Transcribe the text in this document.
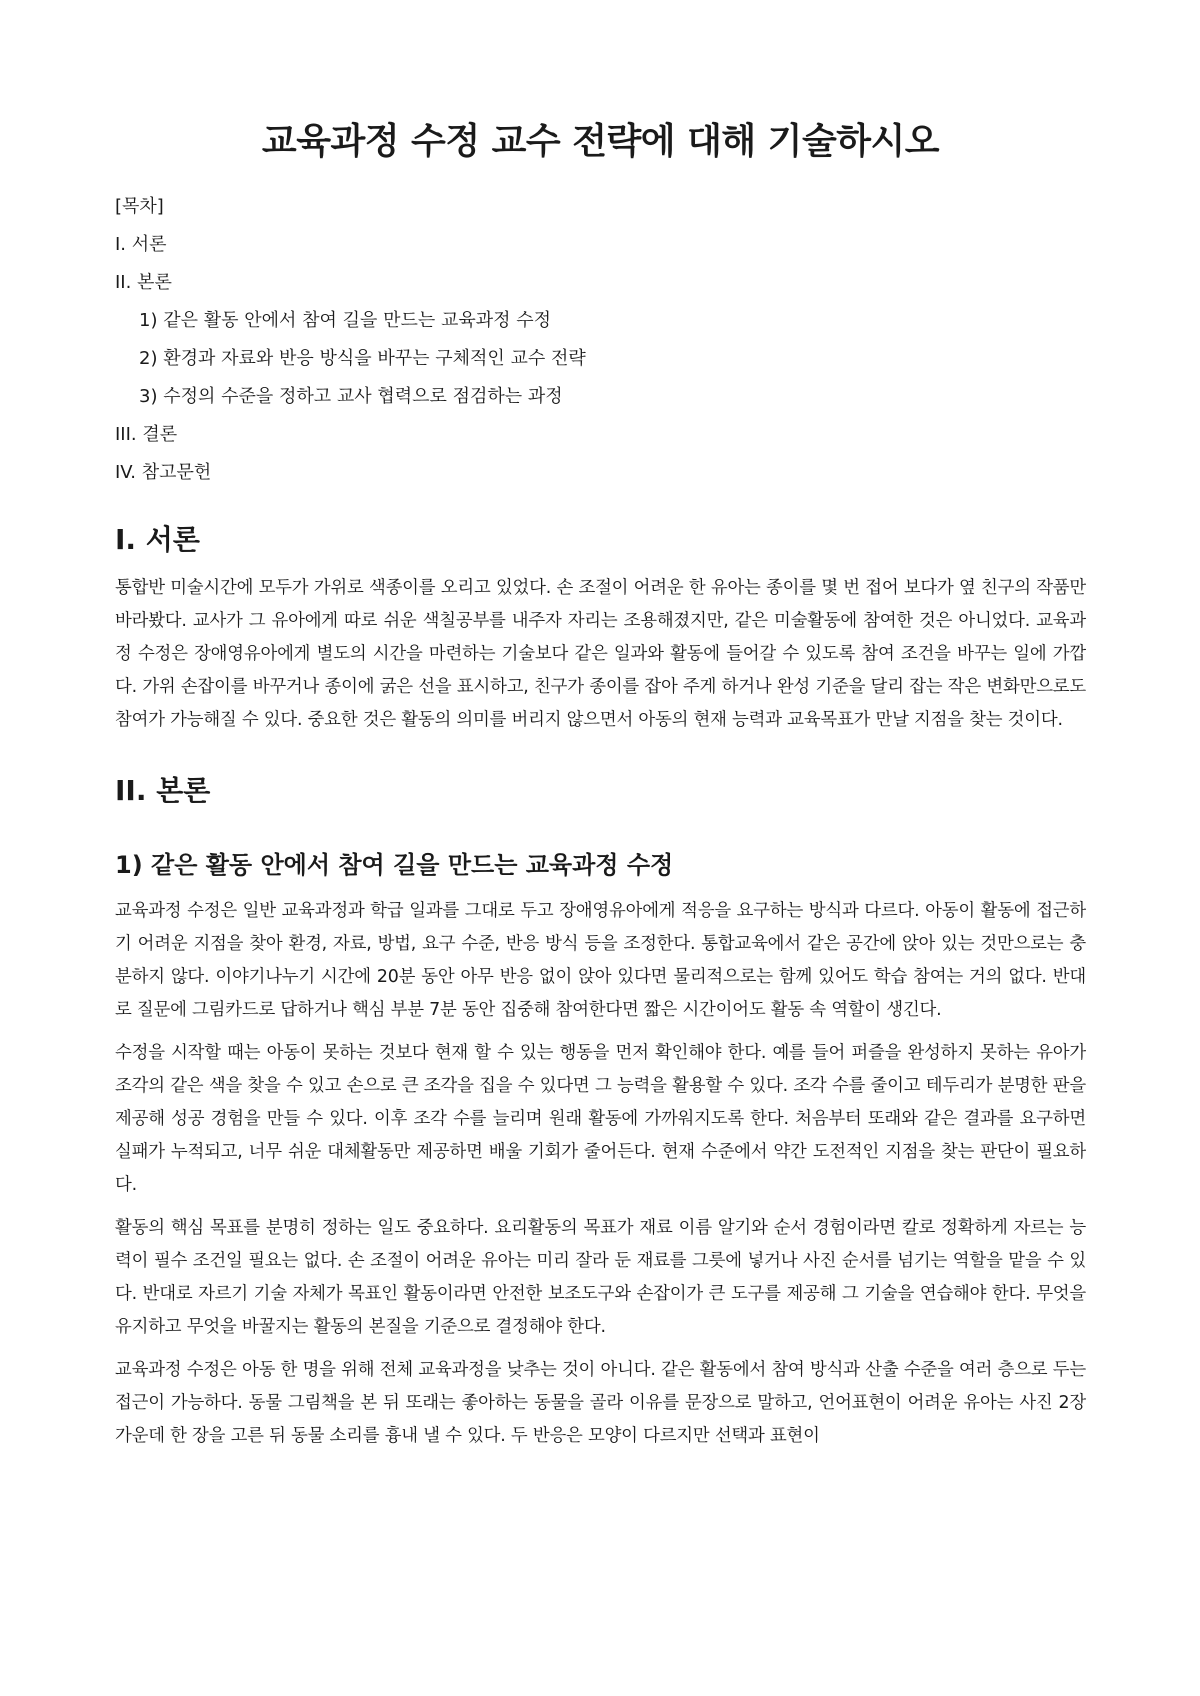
교육과정 수정 교수 전략에 대해 기술하시오
[목차]
I. 서론
II. 본론
1) 같은 활동 안에서 참여 길을 만드는 교육과정 수정
2) 환경과 자료와 반응 방식을 바꾸는 구체적인 교수 전략
3) 수정의 수준을 정하고 교사 협력으로 점검하는 과정
III. 결론
IV. 참고문헌
I. 서론

통합반 미술시간에 모두가 가위로 색종이를 오리고 있었다. 손 조절이 어려운 한 유아는 종이를 몇 번 접어 보다가 옆 친구의 작품만 바라봤다. 교사가 그 유아에게 따로 쉬운 색칠공부를 내주자 자리는 조용해졌지만, 같은 미술활동에 참여한 것은 아니었다. 교육과정 수정은 장애영유아에게 별도의 시간을 마련하는 기술보다 같은 일과와 활동에 들어갈 수 있도록 참여 조건을 바꾸는 일에 가깝다. 가위 손잡이를 바꾸거나 종이에 굵은 선을 표시하고, 친구가 종이를 잡아 주게 하거나 완성 기준을 달리 잡는 작은 변화만으로도 참여가 가능해질 수 있다. 중요한 것은 활동의 의미를 버리지 않으면서 아동의 현재 능력과 교육목표가 만날 지점을 찾는 것이다.

II. 본론
1) 같은 활동 안에서 참여 길을 만드는 교육과정 수정

교육과정 수정은 일반 교육과정과 학급 일과를 그대로 두고 장애영유아에게 적응을 요구하는 방식과 다르다. 아동이 활동에 접근하기 어려운 지점을 찾아 환경, 자료, 방법, 요구 수준, 반응 방식 등을 조정한다. 통합교육에서 같은 공간에 앉아 있는 것만으로는 충분하지 않다. 이야기나누기 시간에 20분 동안 아무 반응 없이 앉아 있다면 물리적으로는 함께 있어도 학습 참여는 거의 없다. 반대로 질문에 그림카드로 답하거나 핵심 부분 7분 동안 집중해 참여한다면 짧은 시간이어도 활동 속 역할이 생긴다.

수정을 시작할 때는 아동이 못하는 것보다 현재 할 수 있는 행동을 먼저 확인해야 한다. 예를 들어 퍼즐을 완성하지 못하는 유아가 조각의 같은 색을 찾을 수 있고 손으로 큰 조각을 집을 수 있다면 그 능력을 활용할 수 있다. 조각 수를 줄이고 테두리가 분명한 판을 제공해 성공 경험을 만들 수 있다. 이후 조각 수를 늘리며 원래 활동에 가까워지도록 한다. 처음부터 또래와 같은 결과를 요구하면 실패가 누적되고, 너무 쉬운 대체활동만 제공하면 배울 기회가 줄어든다. 현재 수준에서 약간 도전적인 지점을 찾는 판단이 필요하다.

활동의 핵심 목표를 분명히 정하는 일도 중요하다. 요리활동의 목표가 재료 이름 알기와 순서 경험이라면 칼로 정확하게 자르는 능력이 필수 조건일 필요는 없다. 손 조절이 어려운 유아는 미리 잘라 둔 재료를 그릇에 넣거나 사진 순서를 넘기는 역할을 맡을 수 있다. 반대로 자르기 기술 자체가 목표인 활동이라면 안전한 보조도구와 손잡이가 큰 도구를 제공해 그 기술을 연습해야 한다. 무엇을 유지하고 무엇을 바꿀지는 활동의 본질을 기준으로 결정해야 한다.

교육과정 수정은 아동 한 명을 위해 전체 교육과정을 낮추는 것이 아니다. 같은 활동에서 참여 방식과 산출 수준을 여러 층으로 두는 접근이 가능하다. 동물 그림책을 본 뒤 또래는 좋아하는 동물을 골라 이유를 문장으로 말하고, 언어표현이 어려운 유아는 사진 2장 가운데 한 장을 고른 뒤 동물 소리를 흉내 낼 수 있다. 두 반응은 모양이 다르지만 선택과 표현이
